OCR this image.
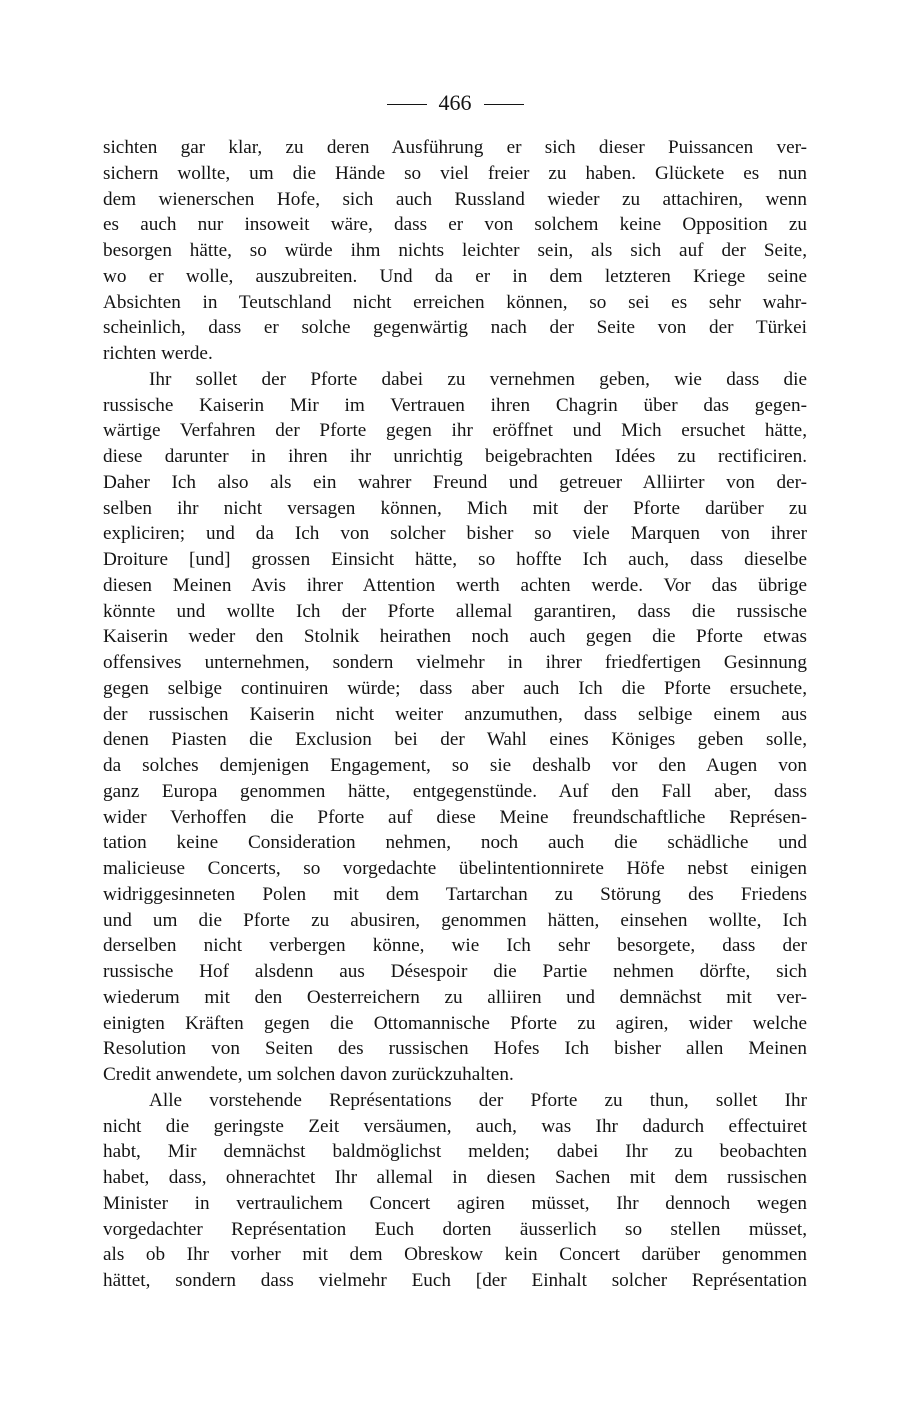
466
sichten gar klar, zu deren Ausführung er sich dieser Puissancen ver-
sichern wollte, um die Hände so viel freier zu haben. Glückete es nun
dem wienerschen Hofe, sich auch Russland wieder zu attachiren, wenn
es auch nur insoweit wäre, dass er von solchem keine Opposition zu
besorgen hätte, so würde ihm nichts leichter sein, als sich auf der Seite,
wo er wolle, auszubreiten. Und da er in dem letzteren Kriege seine
Absichten in Teutschland nicht erreichen können, so sei es sehr wahr-
scheinlich, dass er solche gegenwärtig nach der Seite von der Türkei
richten werde.
Ihr sollet der Pforte dabei zu vernehmen geben, wie dass die
russische Kaiserin Mir im Vertrauen ihren Chagrin über das gegen-
wärtige Verfahren der Pforte gegen ihr eröffnet und Mich ersuchet hätte,
diese darunter in ihren ihr unrichtig beigebrachten Idées zu rectificiren.
Daher Ich also als ein wahrer Freund und getreuer Alliirter von der-
selben ihr nicht versagen können, Mich mit der Pforte darüber zu
expliciren; und da Ich von solcher bisher so viele Marquen von ihrer
Droiture [und] grossen Einsicht hätte, so hoffte Ich auch, dass dieselbe
diesen Meinen Avis ihrer Attention werth achten werde. Vor das übrige
könnte und wollte Ich der Pforte allemal garantiren, dass die russische
Kaiserin weder den Stolnik heirathen noch auch gegen die Pforte etwas
offensives unternehmen, sondern vielmehr in ihrer friedfertigen Gesinnung
gegen selbige continuiren würde; dass aber auch Ich die Pforte ersuchete,
der russischen Kaiserin nicht weiter anzumuthen, dass selbige einem aus
denen Piasten die Exclusion bei der Wahl eines Königes geben solle,
da solches demjenigen Engagement, so sie deshalb vor den Augen von
ganz Europa genommen hätte, entgegenstünde. Auf den Fall aber, dass
wider Verhoffen die Pforte auf diese Meine freundschaftliche Représen-
tation keine Consideration nehmen, noch auch die schädliche und
malicieuse Concerts, so vorgedachte übelintentionnirete Höfe nebst einigen
widriggesinneten Polen mit dem Tartarchan zu Störung des Friedens
und um die Pforte zu abusiren, genommen hätten, einsehen wollte, Ich
derselben nicht verbergen könne, wie Ich sehr besorgete, dass der
russische Hof alsdenn aus Désespoir die Partie nehmen dörfte, sich
wiederum mit den Oesterreichern zu alliiren und demnächst mit ver-
einigten Kräften gegen die Ottomannische Pforte zu agiren, wider welche
Resolution von Seiten des russischen Hofes Ich bisher allen Meinen
Credit anwendete, um solchen davon zurückzuhalten.
Alle vorstehende Représentations der Pforte zu thun, sollet Ihr
nicht die geringste Zeit versäumen, auch, was Ihr dadurch effectuiret
habt, Mir demnächst baldmöglichst melden; dabei Ihr zu beobachten
habet, dass, ohnerachtet Ihr allemal in diesen Sachen mit dem russischen
Minister in vertraulichem Concert agiren müsset, Ihr dennoch wegen
vorgedachter Représentation Euch dorten äusserlich so stellen müsset,
als ob Ihr vorher mit dem Obreskow kein Concert darüber genommen
hättet, sondern dass vielmehr Euch [der Einhalt solcher Représentation
